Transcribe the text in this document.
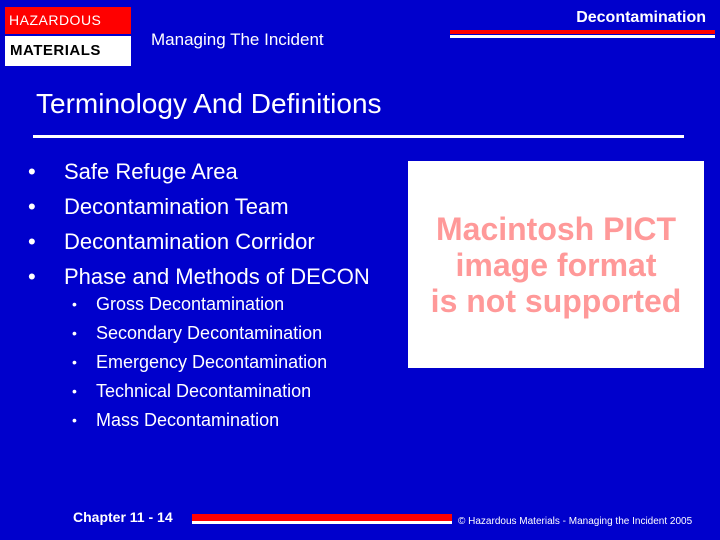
HAZARDOUS
MATERIALS
Managing The Incident
Decontamination
Terminology And Definitions
• Safe Refuge Area
• Decontamination Team
• Decontamination Corridor
• Phase and Methods of DECON
• Gross Decontamination
• Secondary Decontamination
• Emergency Decontamination
• Technical Decontamination
• Mass Decontamination
Macintosh PICT
image format
is not supported
Chapter 11 - 14	© Hazardous Materials - Managing the Incident 2005
